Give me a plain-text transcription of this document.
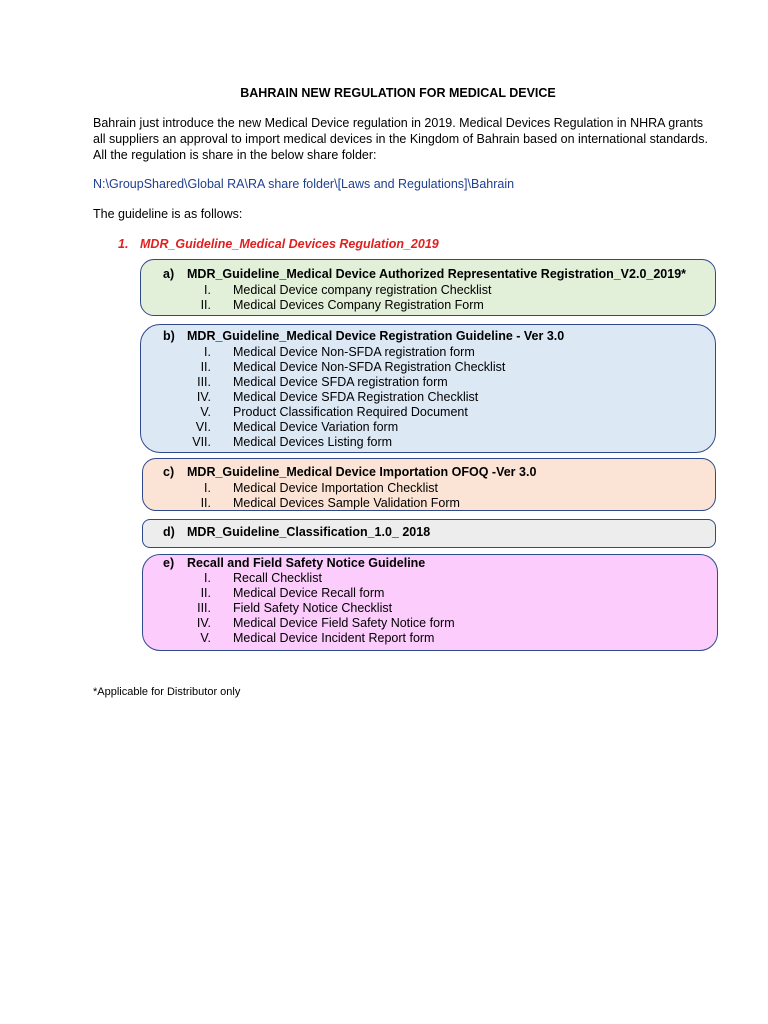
BAHRAIN NEW REGULATION FOR MEDICAL DEVICE
Bahrain just introduce the new Medical Device regulation in 2019. Medical Devices Regulation in NHRA grants all suppliers an approval to import medical devices in the Kingdom of Bahrain based on international standards. All the regulation is share in the below share folder:
N:\GroupShared\Global RA\RA share folder\[Laws and Regulations]\Bahrain
The guideline is as follows:
1. MDR_Guideline_Medical Devices Regulation_2019
a) MDR_Guideline_Medical Device Authorized Representative Registration_V2.0_2019*
I. Medical Device company registration Checklist
II. Medical Devices Company Registration Form
b) MDR_Guideline_Medical Device Registration Guideline - Ver 3.0
I. Medical Device Non-SFDA registration form
II. Medical Device Non-SFDA Registration Checklist
III. Medical Device SFDA registration form
IV. Medical Device SFDA Registration Checklist
V. Product Classification Required Document
VI. Medical Device Variation form
VII. Medical Devices Listing form
c) MDR_Guideline_Medical Device Importation OFOQ -Ver 3.0
I. Medical Device Importation Checklist
II. Medical Devices Sample Validation Form
d) MDR_Guideline_Classification_1.0_ 2018
e) Recall and Field Safety Notice Guideline
I. Recall Checklist
II. Medical Device Recall form
III. Field Safety Notice Checklist
IV. Medical Device Field Safety Notice form
V. Medical Device Incident Report form
*Applicable for Distributor only
